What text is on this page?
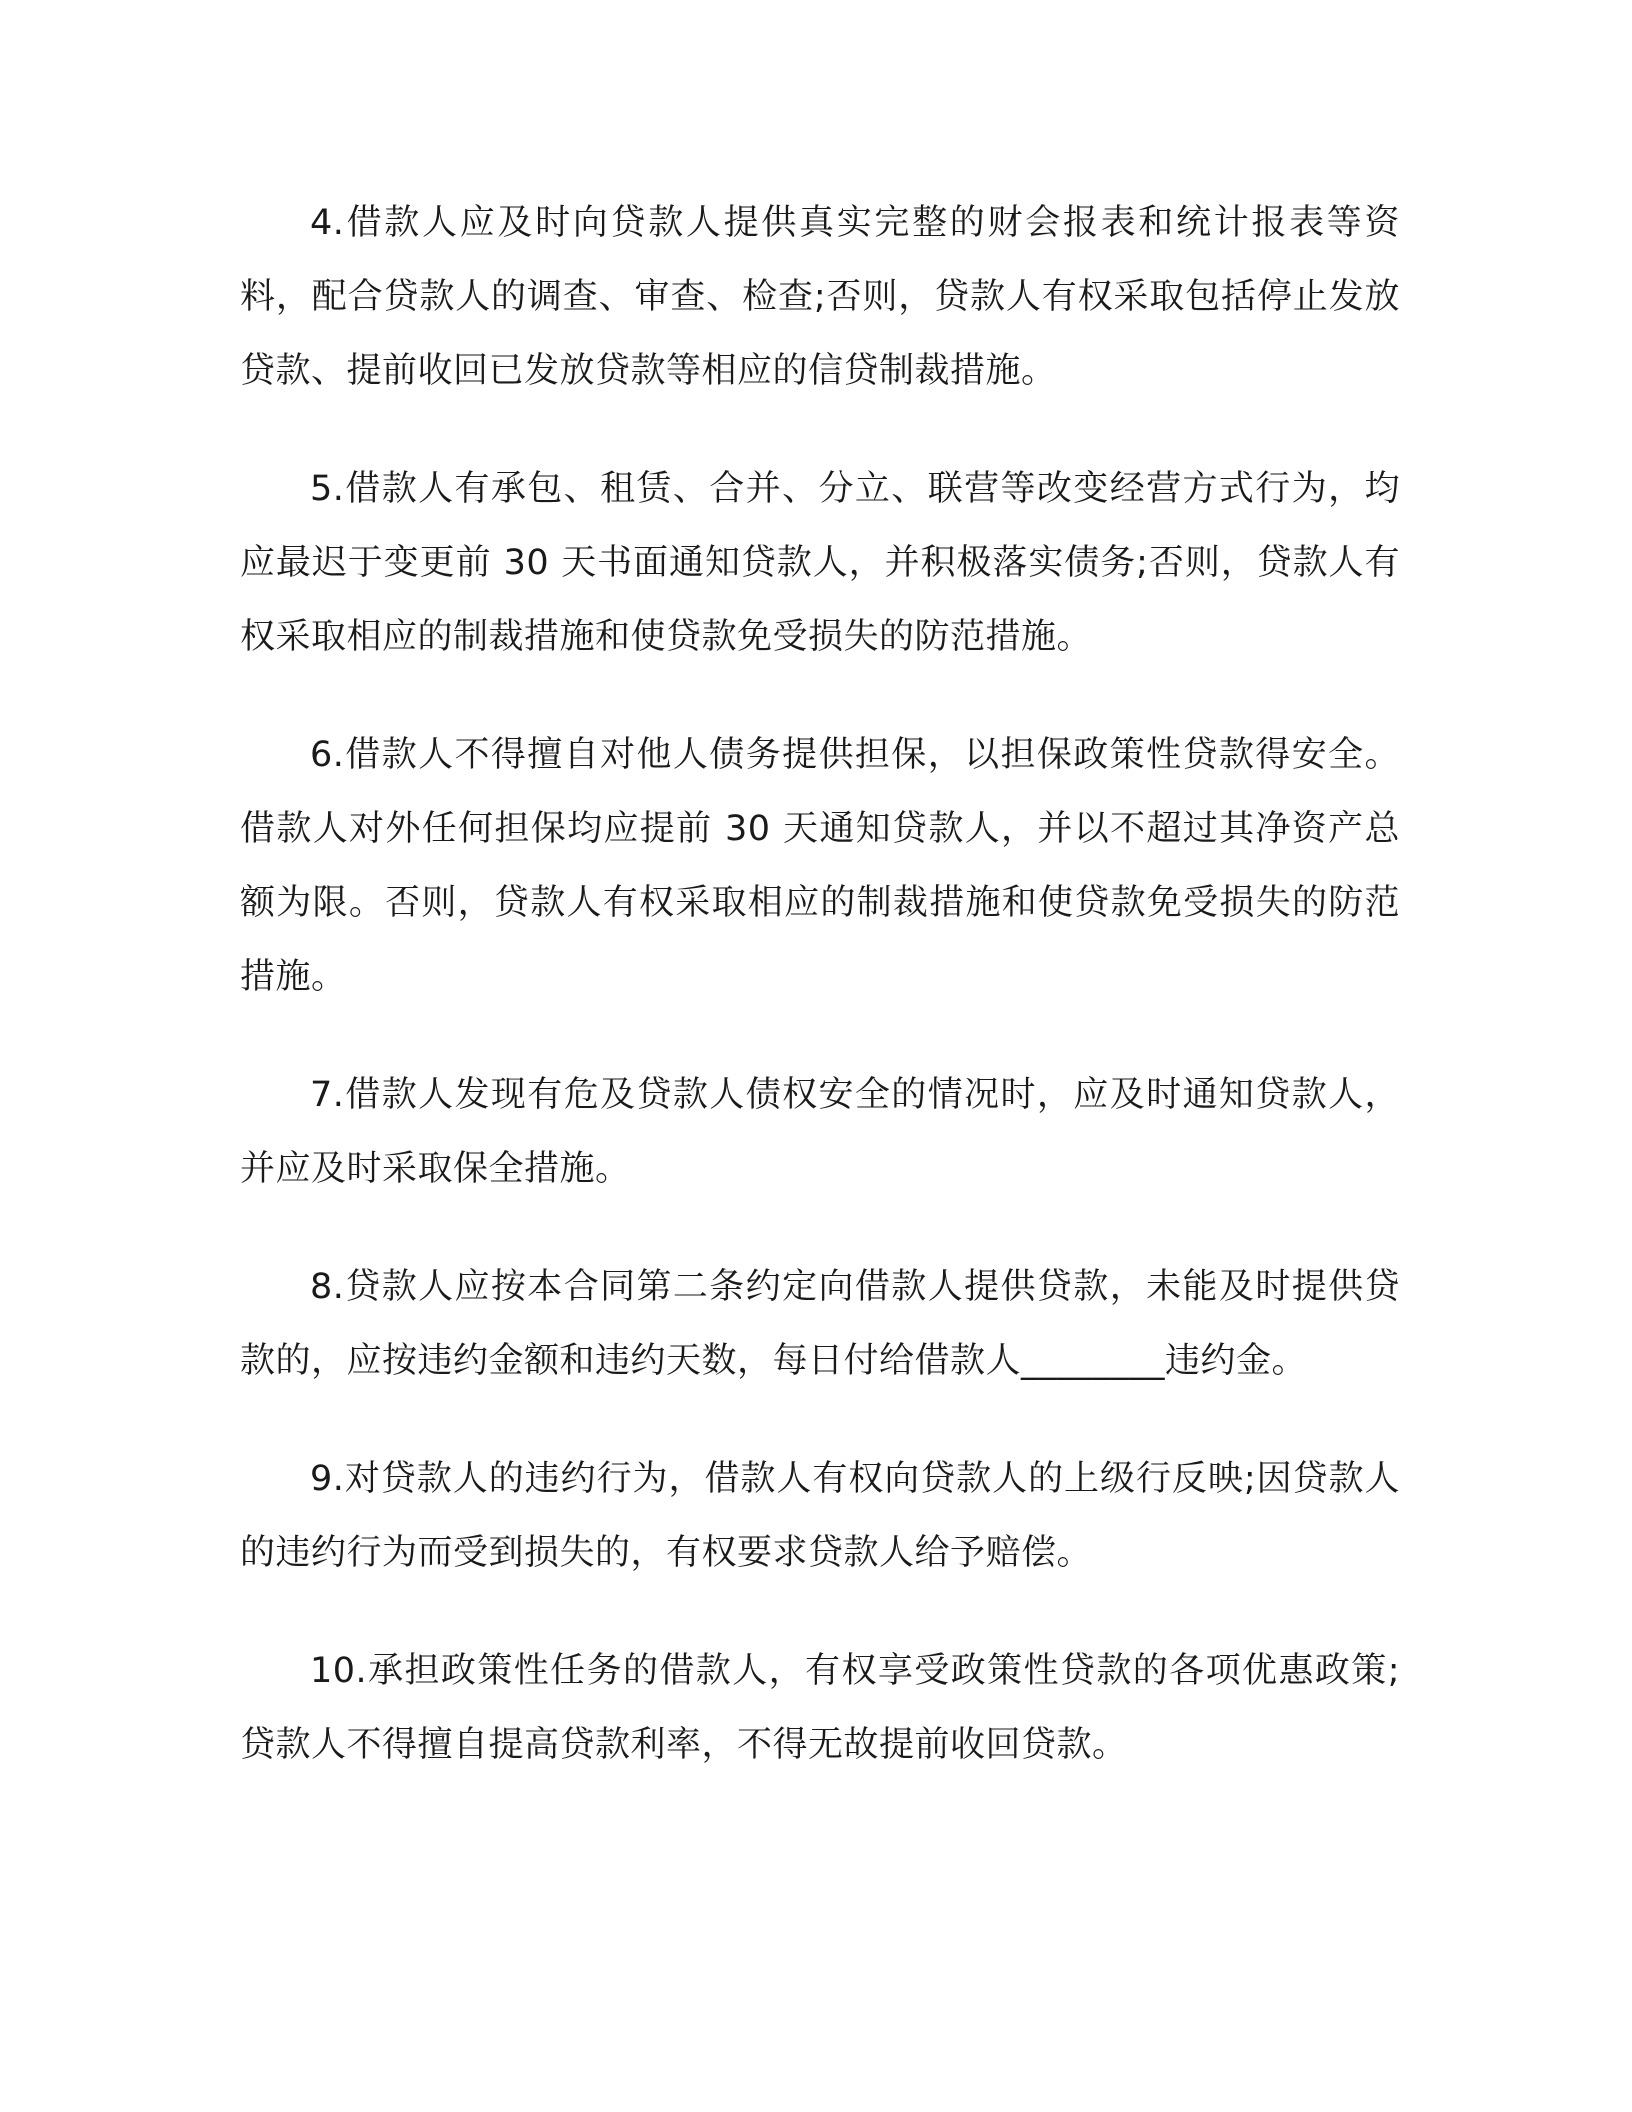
4.借款人应及时向贷款人提供真实完整的财会报表和统计报表等资料，配合贷款人的调查、审查、检查;否则，贷款人有权采取包括停止发放贷款、提前收回已发放贷款等相应的信贷制裁措施。

5.借款人有承包、租赁、合并、分立、联营等改变经营方式行为，均应最迟于变更前 30 天书面通知贷款人，并积极落实债务;否则，贷款人有权采取相应的制裁措施和使贷款免受损失的防范措施。

6.借款人不得擅自对他人债务提供担保，以担保政策性贷款得安全。借款人对外任何担保均应提前 30 天通知贷款人，并以不超过其净资产总额为限。否则，贷款人有权采取相应的制裁措施和使贷款免受损失的防范措施。

7.借款人发现有危及贷款人债权安全的情况时，应及时通知贷款人，并应及时采取保全措施。

8.贷款人应按本合同第二条约定向借款人提供贷款，未能及时提供贷款的，应按违约金额和违约天数，每日付给借款人________违约金。

9.对贷款人的违约行为，借款人有权向贷款人的上级行反映;因贷款人的违约行为而受到损失的，有权要求贷款人给予赔偿。

10.承担政策性任务的借款人，有权享受政策性贷款的各项优惠政策;贷款人不得擅自提高贷款利率，不得无故提前收回贷款。
